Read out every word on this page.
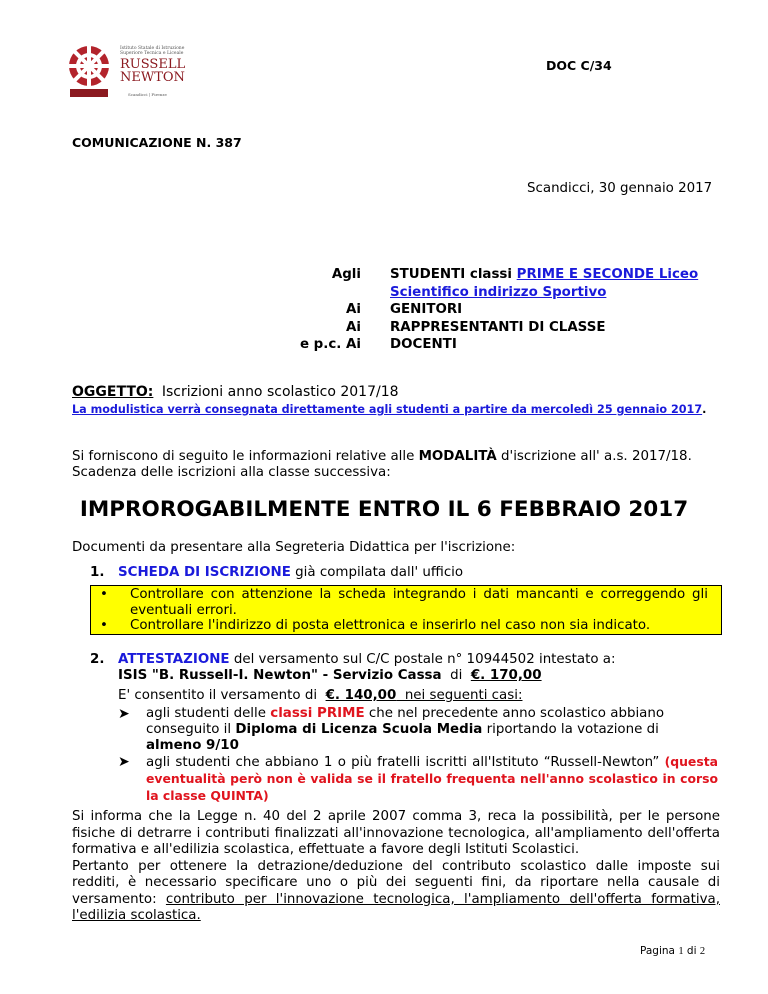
Istituto Statale di Istruzione
Superiore Tecnica e Liceale
RUSSELL
NEWTON
Scandicci | Firenze
DOC C/34
COMUNICAZIONE N. 387
Scandicci, 30 gennaio 2017
Agli

Ai
Ai
e p.c. Ai
STUDENTI classi PRIME E SECONDE Liceo Scientifico indirizzo Sportivo
GENITORI
RAPPRESENTANTI DI CLASSE
DOCENTI
OGGETTO: Iscrizioni anno scolastico 2017/18
La modulistica verrà consegnata direttamente agli studenti a partire da mercoledì 25 gennaio 2017.
Si forniscono di seguito le informazioni relative alle MODALITÀ d'iscrizione all' a.s. 2017/18.
Scadenza delle iscrizioni alla classe successiva:
IMPROROGABILMENTE ENTRO IL 6 FEBBRAIO 2017
Documenti da presentare alla Segreteria Didattica per l'iscrizione:
1. SCHEDA DI ISCRIZIONE già compilata dall' ufficio
• Controllare con attenzione la scheda integrando i dati mancanti e correggendo gli eventuali errori.
• Controllare l'indirizzo di posta elettronica e inserirlo nel caso non sia indicato.
2. ATTESTAZIONE del versamento sul C/C postale n° 10944502 intestato a:
ISIS "B. Russell-I. Newton" - Servizio Cassa  di  €. 170,00
E' consentito il versamento di  €. 140,00  nei seguenti casi:
➤ agli studenti delle classi PRIME che nel precedente anno scolastico abbiano conseguito il Diploma di Licenza Scuola Media riportando la votazione di almeno 9/10
➤ agli studenti che abbiano 1 o più fratelli iscritti all'Istituto “Russell-Newton” (questa eventualità però non è valida se il fratello frequenta nell'anno scolastico in corso la classe QUINTA)
Si informa che la Legge n. 40 del 2 aprile 2007 comma 3, reca la possibilità, per le persone fisiche di detrarre i contributi finalizzati all'innovazione tecnologica, all'ampliamento dell'offerta formativa e all'edilizia scolastica, effettuate a favore degli Istituti Scolastici.
Pertanto per ottenere la detrazione/deduzione del contributo scolastico dalle imposte sui redditi, è necessario specificare uno o più dei seguenti fini, da riportare nella causale di versamento: contributo per l'innovazione tecnologica, l'ampliamento dell'offerta formativa, l'edilizia scolastica.
Pagina 1 di 2
